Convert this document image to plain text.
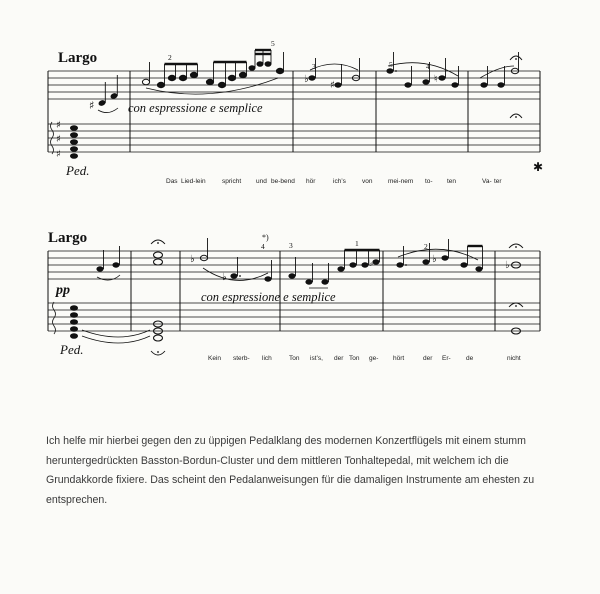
Largo
♯
♯
♯
♯
♭
♯
♮
2
5
3	5	4
con espressione e semplice
Ped.	✱
Das Lied-lein	spricht und be-bend hör	ich’s von mei-nem to- ten	Va- ter
Largo	*)
♭
♭
♭	♭
♭
4	3	1	2
pp	con espressione e semplice
Ped.
Kein sterb- lich	Ton ist’s, der Ton ge- hört	der Er- de	nicht

Ich helfe mir hierbei gegen den zu üppigen Pedalklang des modernen Konzertflügels mit einem stumm heruntergedrückten Basston-Bordun-Cluster und dem mittleren Tonhaltepedal, mit welchem ich die Grundakkorde fixiere. Das scheint den Pedalanweisungen für die damaligen Instrumente am ehesten zu entsprechen.
